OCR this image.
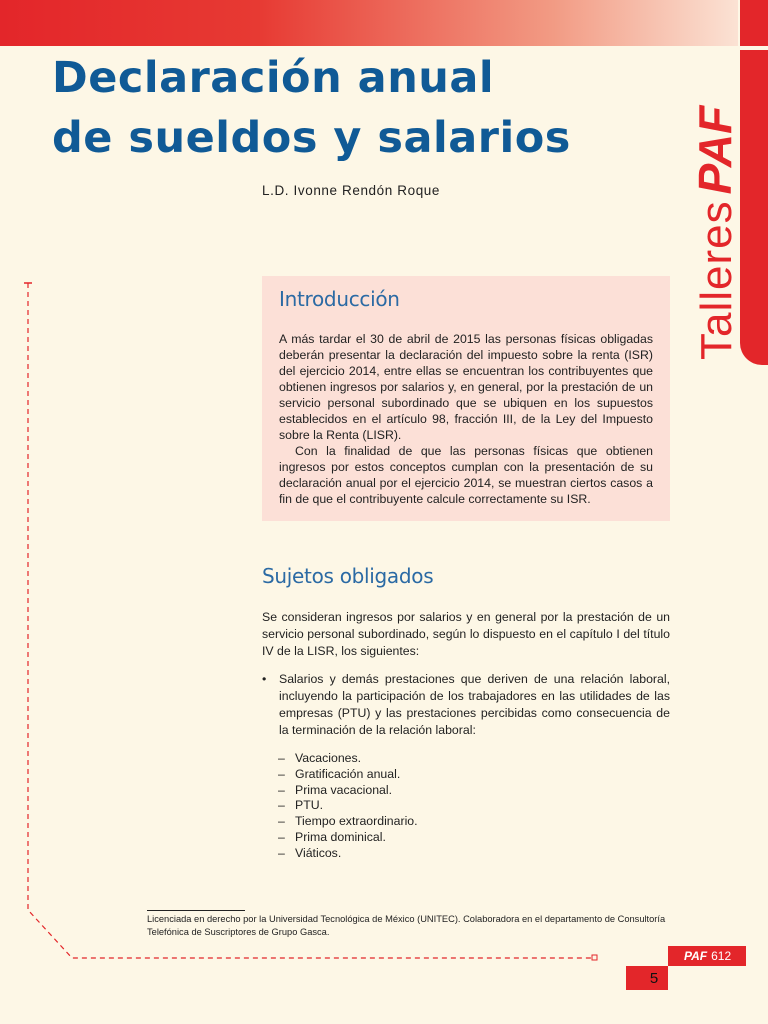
Talleres
PAF
Declaración anual
de sueldos y salarios
L.D. Ivonne Rendón Roque
Introducción

A más tardar el 30 de abril de 2015 las personas físicas obligadas deberán presentar la declaración del impuesto sobre la renta (ISR) del ejercicio 2014, entre ellas se encuentran los contribuyentes que obtienen ingresos por salarios y, en general, por la prestación de un servicio personal subordinado que se ubiquen en los supuestos establecidos en el artículo 98, fracción III, de la Ley del Impuesto sobre la Renta (LISR).

Con la finalidad de que las personas físicas que obtienen ingresos por estos conceptos cumplan con la presentación de su declaración anual por el ejercicio 2014, se muestran ciertos casos a fin de que el contribuyente calcule correctamente su ISR.

Sujetos obligados

Se consideran ingresos por salarios y en general por la prestación de un servicio personal subordinado, según lo dispuesto en el capítulo I del título IV de la LISR, los siguientes:

• Salarios y demás prestaciones que deriven de una relación laboral, incluyendo la participación de los trabajadores en las utilidades de las empresas (PTU) y las prestaciones percibidas como consecuencia de la terminación de la relación laboral:
– Vacaciones.
– Gratificación anual.
– Prima vacacional.
– PTU.
– Tiempo extraordinario.
– Prima dominical.
– Viáticos.

Licenciada en derecho por la Universidad Tecnológica de México (UNITEC). Colaboradora en el departamento de Consultoría Telefónica de Suscriptores de Grupo Gasca.

PAF 612
5
